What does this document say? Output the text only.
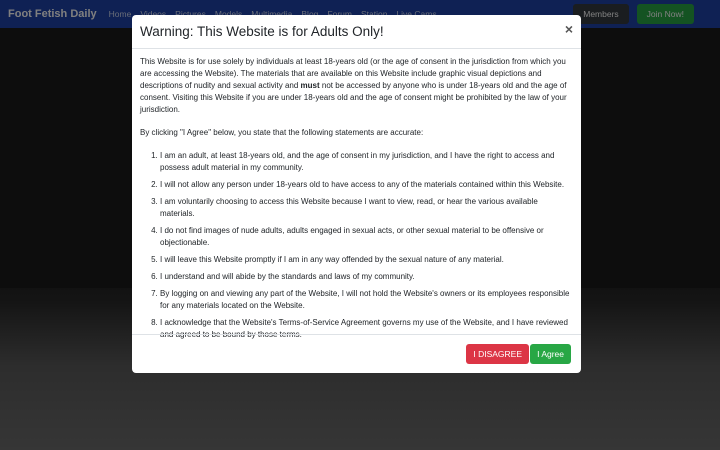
Warning: This Website is for Adults Only!	×

This Website is for use solely by individuals at least 18-years old (or the age of consent in the jurisdiction from which you are accessing the Website). The materials that are available on this Website include graphic visual depictions and descriptions of nudity and sexual activity and must not be accessed by anyone who is under 18-years old and the age of consent. Visiting this Website if you are under 18-years old and the age of consent might be prohibited by the law of your jurisdiction.

By clicking "I Agree" below, you state that the following statements are accurate:

1. I am an adult, at least 18-years old, and the age of consent in my jurisdiction, and I have the right to access and possess adult material in my community.
2. I will not allow any person under 18-years old to have access to any of the materials contained within this Website.
3. I am voluntarily choosing to access this Website because I want to view, read, or hear the various available materials.
4. I do not find images of nude adults, adults engaged in sexual acts, or other sexual material to be offensive or objectionable.
5. I will leave this Website promptly if I am in any way offended by the sexual nature of any material.
6. I understand and will abide by the standards and laws of my community.
7. By logging on and viewing any part of the Website, I will not hold the Website's owners or its employees responsible for any materials located on the Website.
8. I acknowledge that the Website's Terms-of-Service Agreement governs my use of the Website, and I have reviewed and agreed to be bound by those terms.
I DISAGREE	I Agree
